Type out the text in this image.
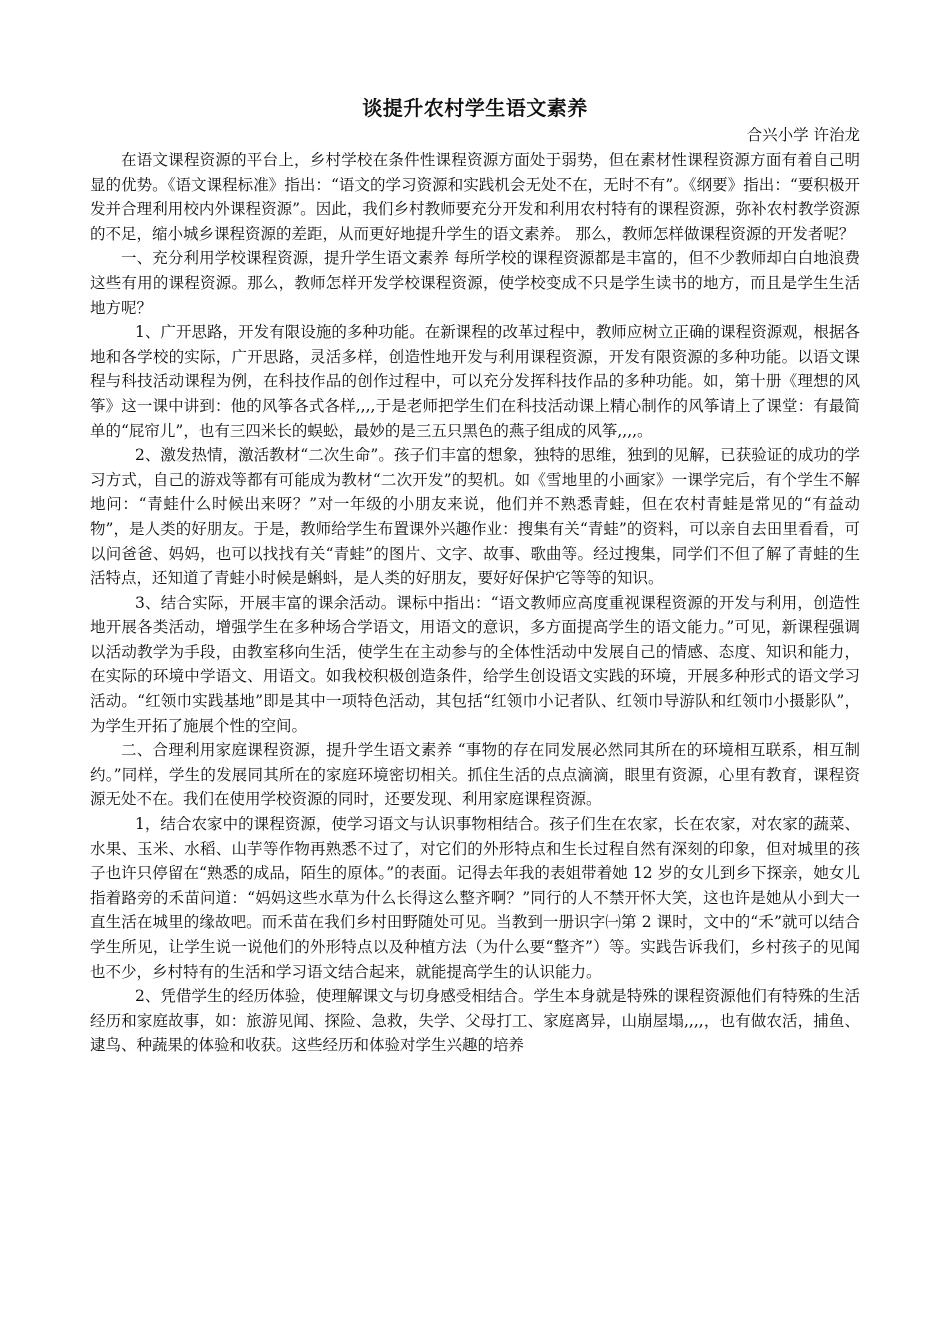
谈提升农村学生语文素养

合兴小学 许治龙

在语文课程资源的平台上，乡村学校在条件性课程资源方面处于弱势，但在素材性课程资源方面有着自己明显的优势。《语文课程标准》指出：“语文的学习资源和实践机会无处不在，无时不有”。《纲要》指出：“要积极开发并合理利用校内外课程资源”。因此，我们乡村教师要充分开发和利用农村特有的课程资源，弥补农村教学资源的不足，缩小城乡课程资源的差距，从而更好地提升学生的语文素养。 那么，教师怎样做课程资源的开发者呢？

一、充分利用学校课程资源，提升学生语文素养 每所学校的课程资源都是丰富的，但不少教师却白白地浪费这些有用的课程资源。那么，教师怎样开发学校课程资源，使学校变成不只是学生读书的地方，而且是学生生活地方呢？

1、广开思路，开发有限设施的多种功能。在新课程的改革过程中，教师应树立正确的课程资源观，根据各地和各学校的实际，广开思路，灵活多样，创造性地开发与利用课程资源，开发有限资源的多种功能。以语文课程与科技活动课程为例，在科技作品的创作过程中，可以充分发挥科技作品的多种功能。如，第十册《理想的风筝》这一课中讲到：他的风筝各式各样,,,,于是老师把学生们在科技活动课上精心制作的风筝请上了课堂：有最简单的“屁帘儿”，也有三四米长的蜈蚣，最妙的是三五只黑色的燕子组成的风筝,,,,。

2、激发热情，激活教材“二次生命”。孩子们丰富的想象，独特的思维，独到的见解，已获验证的成功的学习方式，自己的游戏等都有可能成为教材“二次开发”的契机。如《雪地里的小画家》一课学完后，有个学生不解地问：“青蛙什么时候出来呀？”对一年级的小朋友来说，他们并不熟悉青蛙，但在农村青蛙是常见的“有益动物”，是人类的好朋友。于是，教师给学生布置课外兴趣作业：搜集有关“青蛙”的资料，可以亲自去田里看看，可以问爸爸、妈妈，也可以找找有关“青蛙”的图片、文字、故事、歌曲等。经过搜集，同学们不但了解了青蛙的生活特点，还知道了青蛙小时候是蝌蚪，是人类的好朋友，要好好保护它等等的知识。

3、结合实际，开展丰富的课余活动。课标中指出：“语文教师应高度重视课程资源的开发与利用，创造性地开展各类活动，增强学生在多种场合学语文，用语文的意识，多方面提高学生的语文能力。”可见，新课程强调以活动教学为手段，由教室移向生活，使学生在主动参与的全体性活动中发展自己的情感、态度、知识和能力，在实际的环境中学语文、用语文。如我校积极创造条件，给学生创设语文实践的环境，开展多种形式的语文学习活动。“红领巾实践基地”即是其中一项特色活动，其包括“红领巾小记者队、红领巾导游队和红领巾小摄影队”，为学生开拓了施展个性的空间。

二、合理利用家庭课程资源，提升学生语文素养 “事物的存在同发展必然同其所在的环境相互联系，相互制约。”同样，学生的发展同其所在的家庭环境密切相关。抓住生活的点点滴滴，眼里有资源，心里有教育，课程资源无处不在。我们在使用学校资源的同时，还要发现、利用家庭课程资源。

1，结合农家中的课程资源，使学习语文与认识事物相结合。孩子们生在农家，长在农家，对农家的蔬菜、水果、玉米、水稻、山芋等作物再熟悉不过了，对它们的外形特点和生长过程自然有深刻的印象，但对城里的孩子也许只停留在“熟悉的成品，陌生的原体。”的表面。记得去年我的表姐带着她 12 岁的女儿到乡下探亲，她女儿指着路旁的禾苗问道：“妈妈这些水草为什么长得这么整齐啊？”同行的人不禁开怀大笑，这也许是她从小到大一直生活在城里的缘故吧。而禾苗在我们乡村田野随处可见。当教到一册识字㈠第 2 课时，文中的“禾”就可以结合学生所见，让学生说一说他们的外形特点以及种植方法（为什么要“整齐”）等。实践告诉我们，乡村孩子的见闻也不少，乡村特有的生活和学习语文结合起来，就能提高学生的认识能力。

2、凭借学生的经历体验，使理解课文与切身感受相结合。学生本身就是特殊的课程资源他们有特殊的生活经历和家庭故事，如：旅游见闻、探险、急救，失学、父母打工、家庭离异，山崩屋塌,,,,，也有做农活，捕鱼、逮鸟、种蔬果的体验和收获。这些经历和体验对学生兴趣的培养
